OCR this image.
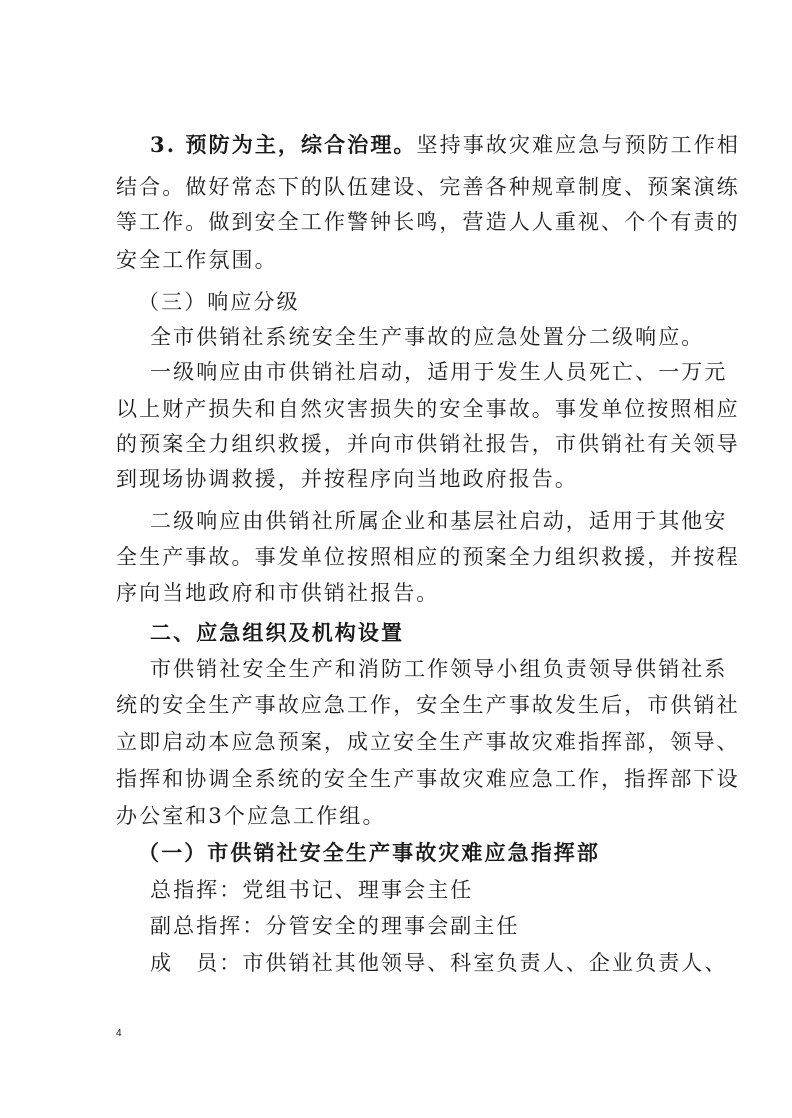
3. 预防为主，综合治理。坚持事故灾难应急与预防工作相
结合。做好常态下的队伍建设、完善各种规章制度、预案演练
等工作。做到安全工作警钟长鸣，营造人人重视、个个有责的
安全工作氛围。
（三）响应分级
全市供销社系统安全生产事故的应急处置分二级响应。
一级响应由市供销社启动，适用于发生人员死亡、一万元
以上财产损失和自然灾害损失的安全事故。事发单位按照相应
的预案全力组织救援，并向市供销社报告，市供销社有关领导
到现场协调救援，并按程序向当地政府报告。
二级响应由供销社所属企业和基层社启动，适用于其他安
全生产事故。事发单位按照相应的预案全力组织救援，并按程
序向当地政府和市供销社报告。
二、应急组织及机构设置
市供销社安全生产和消防工作领导小组负责领导供销社系
统的安全生产事故应急工作，安全生产事故发生后，市供销社
立即启动本应急预案，成立安全生产事故灾难指挥部，领导、
指挥和协调全系统的安全生产事故灾难应急工作，指挥部下设
办公室和3个应急工作组。
（一）市供销社安全生产事故灾难应急指挥部
总指挥：党组书记、理事会主任
副总指挥：分管安全的理事会副主任
成　员：市供销社其他领导、科室负责人、企业负责人、
4
